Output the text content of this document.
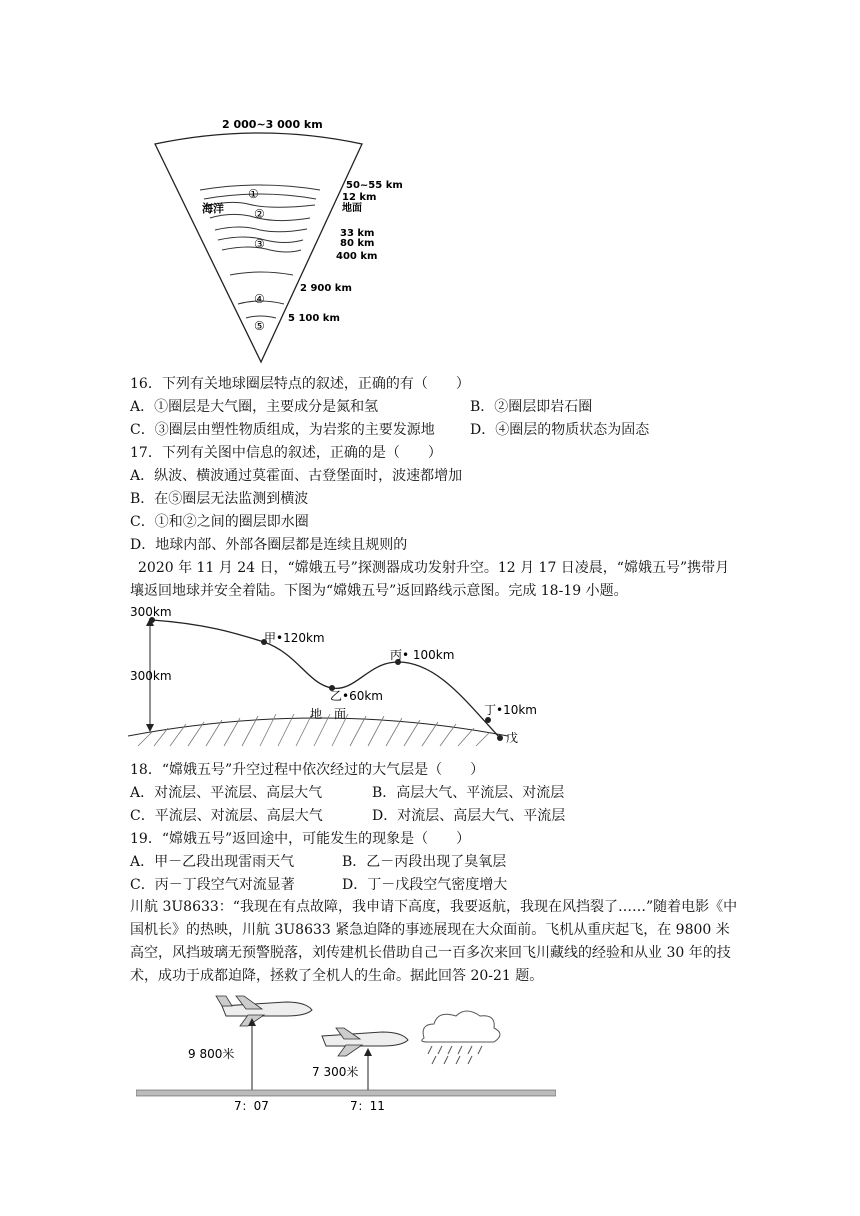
2 000~3 000 km
①
海洋	②
③
④
⑤
50~55 km
12 km
地面
33 km
80 km
400 km
2 900 km
5 100 km
16．下列有关地球圈层特点的叙述，正确的有（　　）
A．①圈层是大气圈，主要成分是氮和氢	B．②圈层即岩石圈
C．③圈层由塑性物质组成，为岩浆的主要发源地	D．④圈层的物质状态为固态
17．下列有关图中信息的叙述，正确的是（　　）
A．纵波、横波通过莫霍面、古登堡面时，波速都增加
B．在⑤圈层无法监测到横波
C．①和②之间的圈层即水圈
D．地球内部、外部各圈层都是连续且规则的
2020 年 11 月 24 日，“嫦娥五号”探测器成功发射升空。12 月 17 日凌晨，“嫦娥五号”携带月壤返回地球并安全着陆。下图为“嫦娥五号”返回路线示意图。完成 18-19 小题。
300km
300km
甲•120km
乙•60km
丙• 100km
丁•10km
戊
地　面
18．“嫦娥五号”升空过程中依次经过的大气层是（　　）
A．对流层、平流层、高层大气	B．高层大气、平流层、对流层
C．平流层、对流层、高层大气	D．对流层、高层大气、平流层
19．“嫦娥五号”返回途中，可能发生的现象是（　　）
A．甲－乙段出现雷雨天气	B．乙－丙段出现了臭氧层
C．丙－丁段空气对流显著	D．丁－戊段空气密度增大
川航 3U8633：“我现在有点故障，我申请下高度，我要返航，我现在风挡裂了……”随着电影《中国机长》的热映，川航 3U8633 紧急迫降的事迹展现在大众面前。飞机从重庆起飞，在 9800 米高空，风挡玻璃无预警脱落，刘传建机长借助自己一百多次来回飞川藏线的经验和从业 30 年的技术，成功于成都迫降，拯救了全机人的生命。据此回答 20-21 题。
9 800米
7 300米
7：07	7：11
